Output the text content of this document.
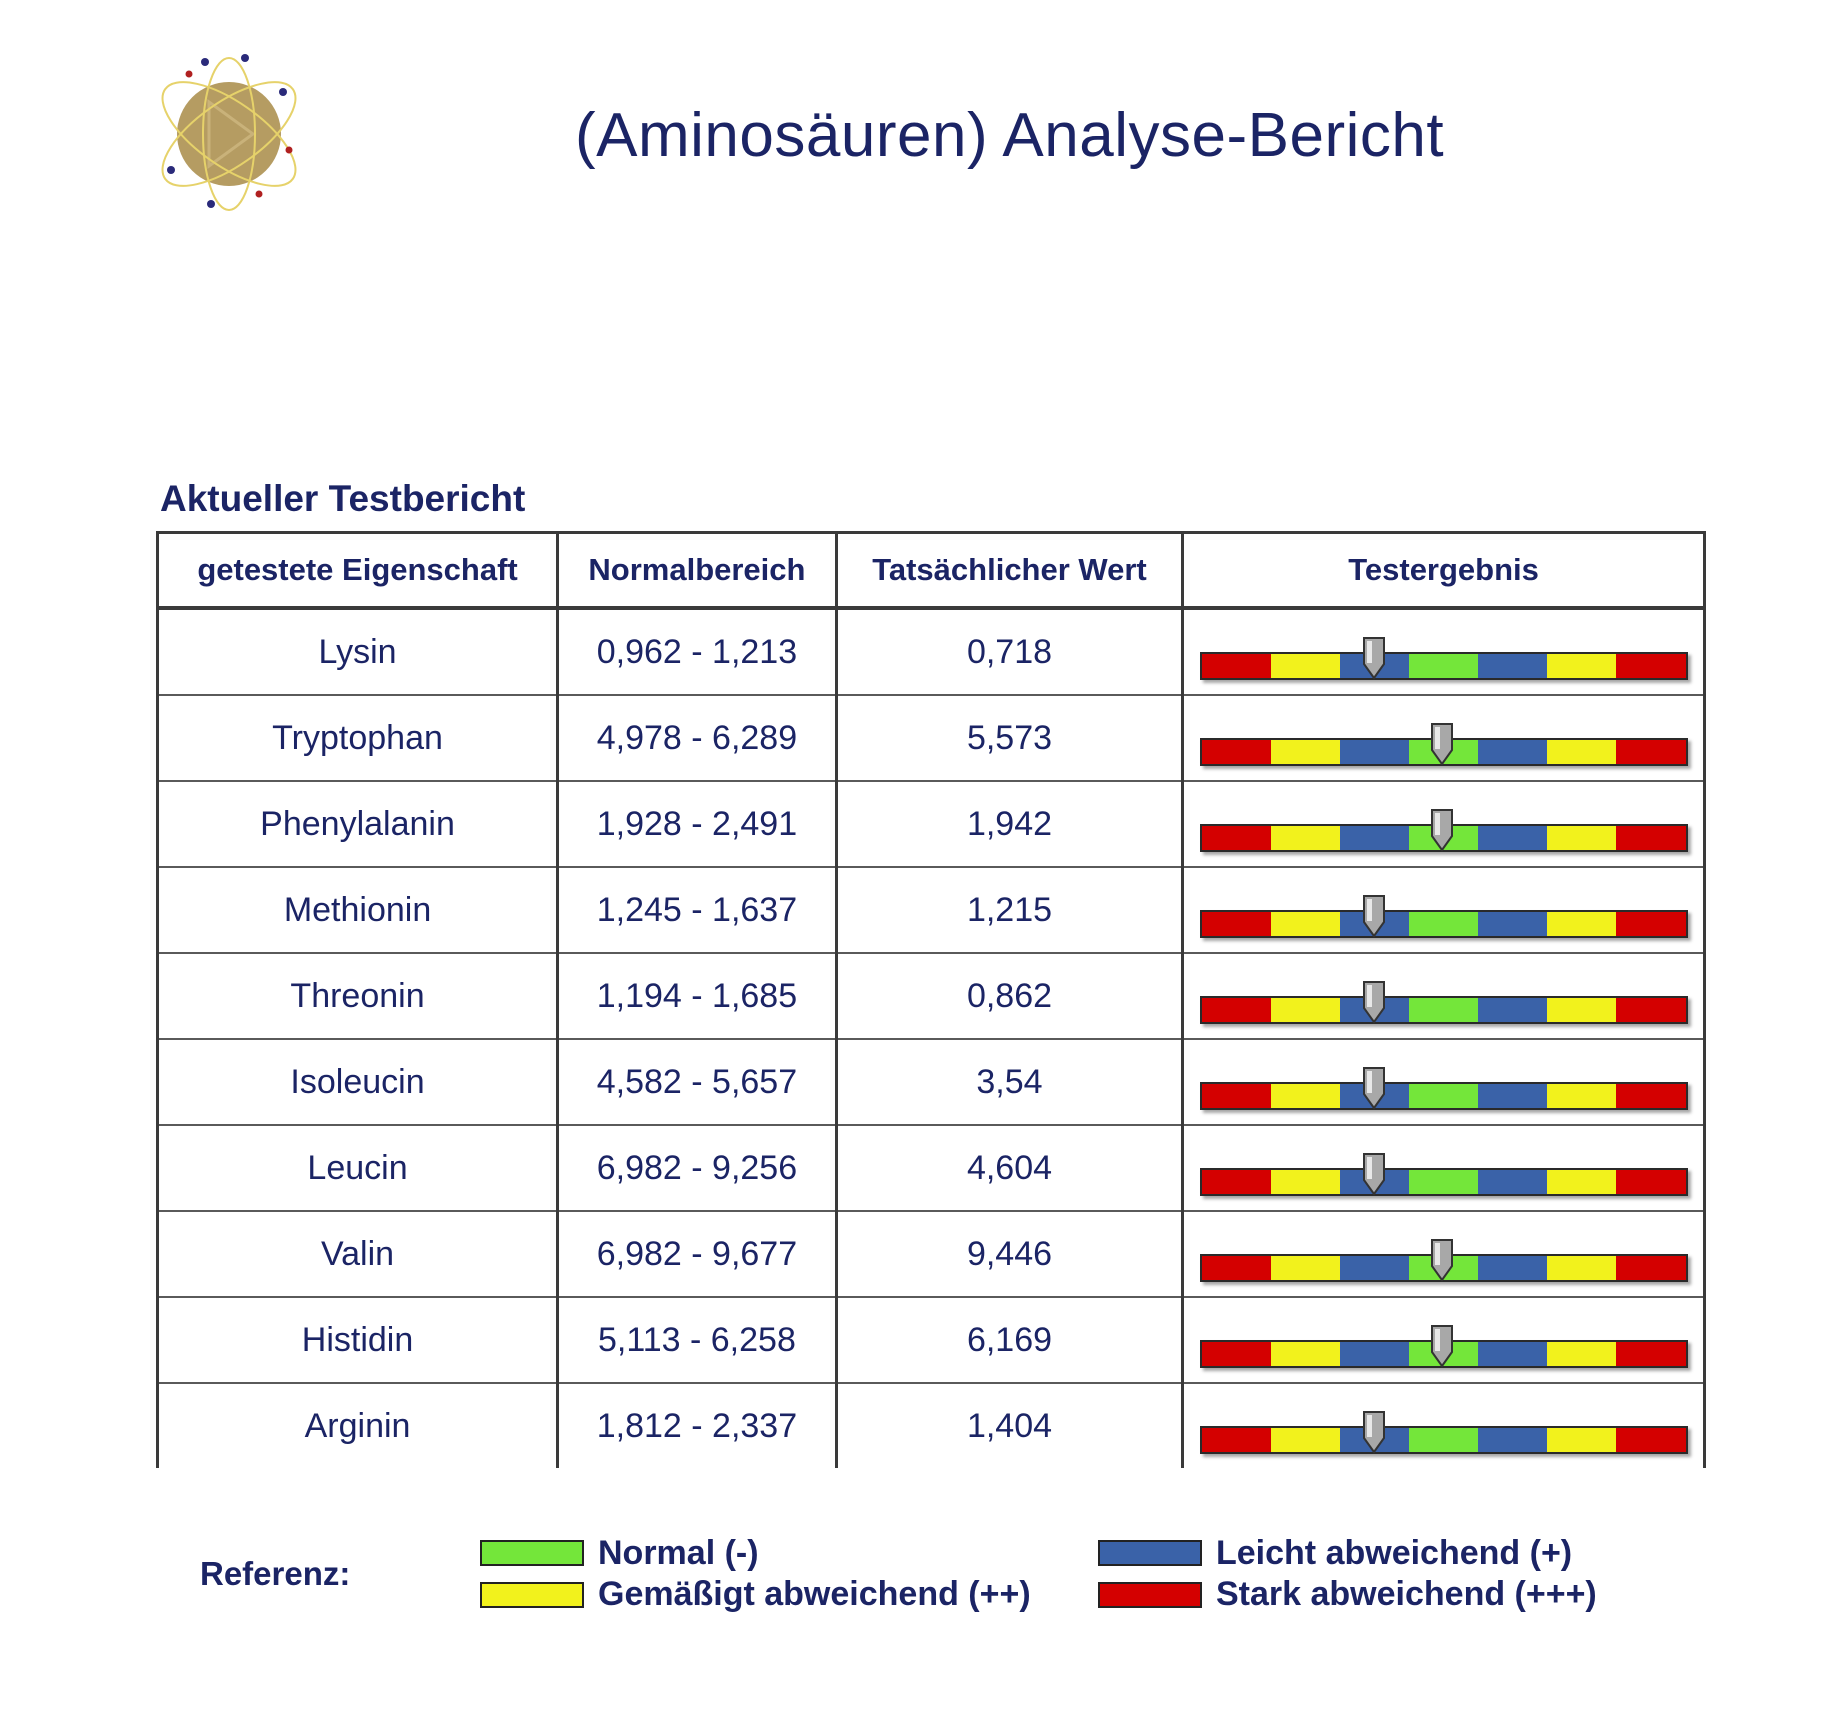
(Aminosäuren) Analyse-Bericht
Aktueller Testbericht
getestete Eigenschaft	Normalbereich	Tatsächlicher Wert	Testergebnis
Lysin	0,962 - 1,213	0,718	

Tryptophan	4,978 - 6,289	5,573	

Phenylalanin	1,928 - 2,491	1,942	

Methionin	1,245 - 1,637	1,215	

Threonin	1,194 - 1,685	0,862	

Isoleucin	4,582 - 5,657	3,54	

Leucin	6,982 - 9,256	4,604	

Valin	6,982 - 9,677	9,446	

Histidin	5,113 - 6,258	6,169	

Arginin	1,812 - 2,337	1,404	
Referenz:
Normal (-)	Leicht abweichend (+)
Gemäßigt abweichend (++)	Stark abweichend (+++)
